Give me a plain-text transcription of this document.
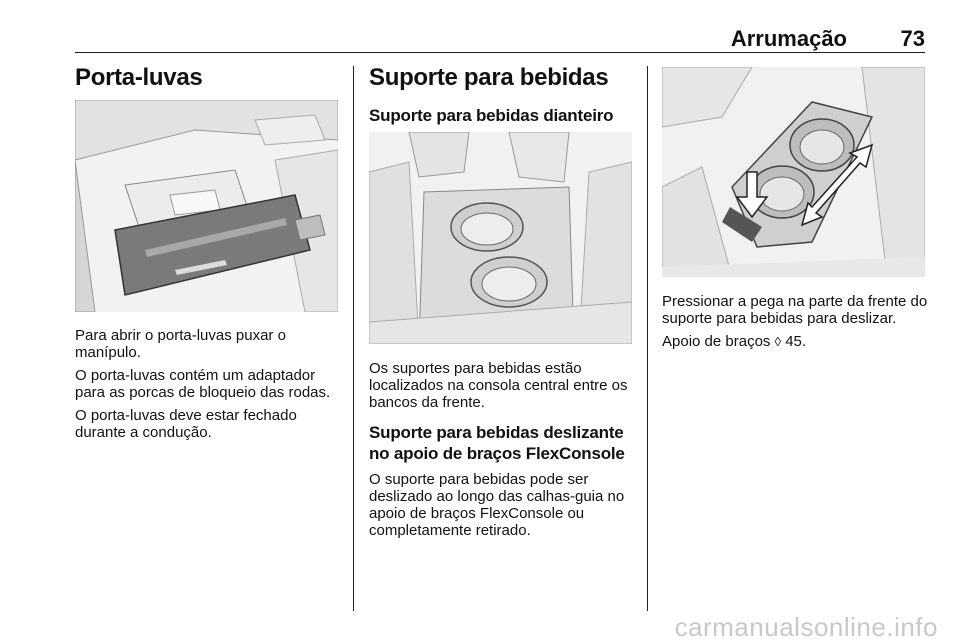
Arrumação 73
Porta-luvas

Para abrir o porta-luvas puxar o manípulo.

O porta-luvas contém um adaptador para as porcas de bloqueio das rodas.

O porta-luvas deve estar fechado durante a condução.

Suporte para bebidas
Suporte para bebidas dianteiro

Os suportes para bebidas estão localizados na consola central entre os bancos da frente.

Suporte para bebidas deslizante no apoio de braços FlexConsole

O suporte para bebidas pode ser deslizado ao longo das calhas-guia no apoio de braços FlexConsole ou completamente retirado.

Pressionar a pega na parte da frente do suporte para bebidas para deslizar.

Apoio de braços ◊ 45.

carmanualsonline.info
